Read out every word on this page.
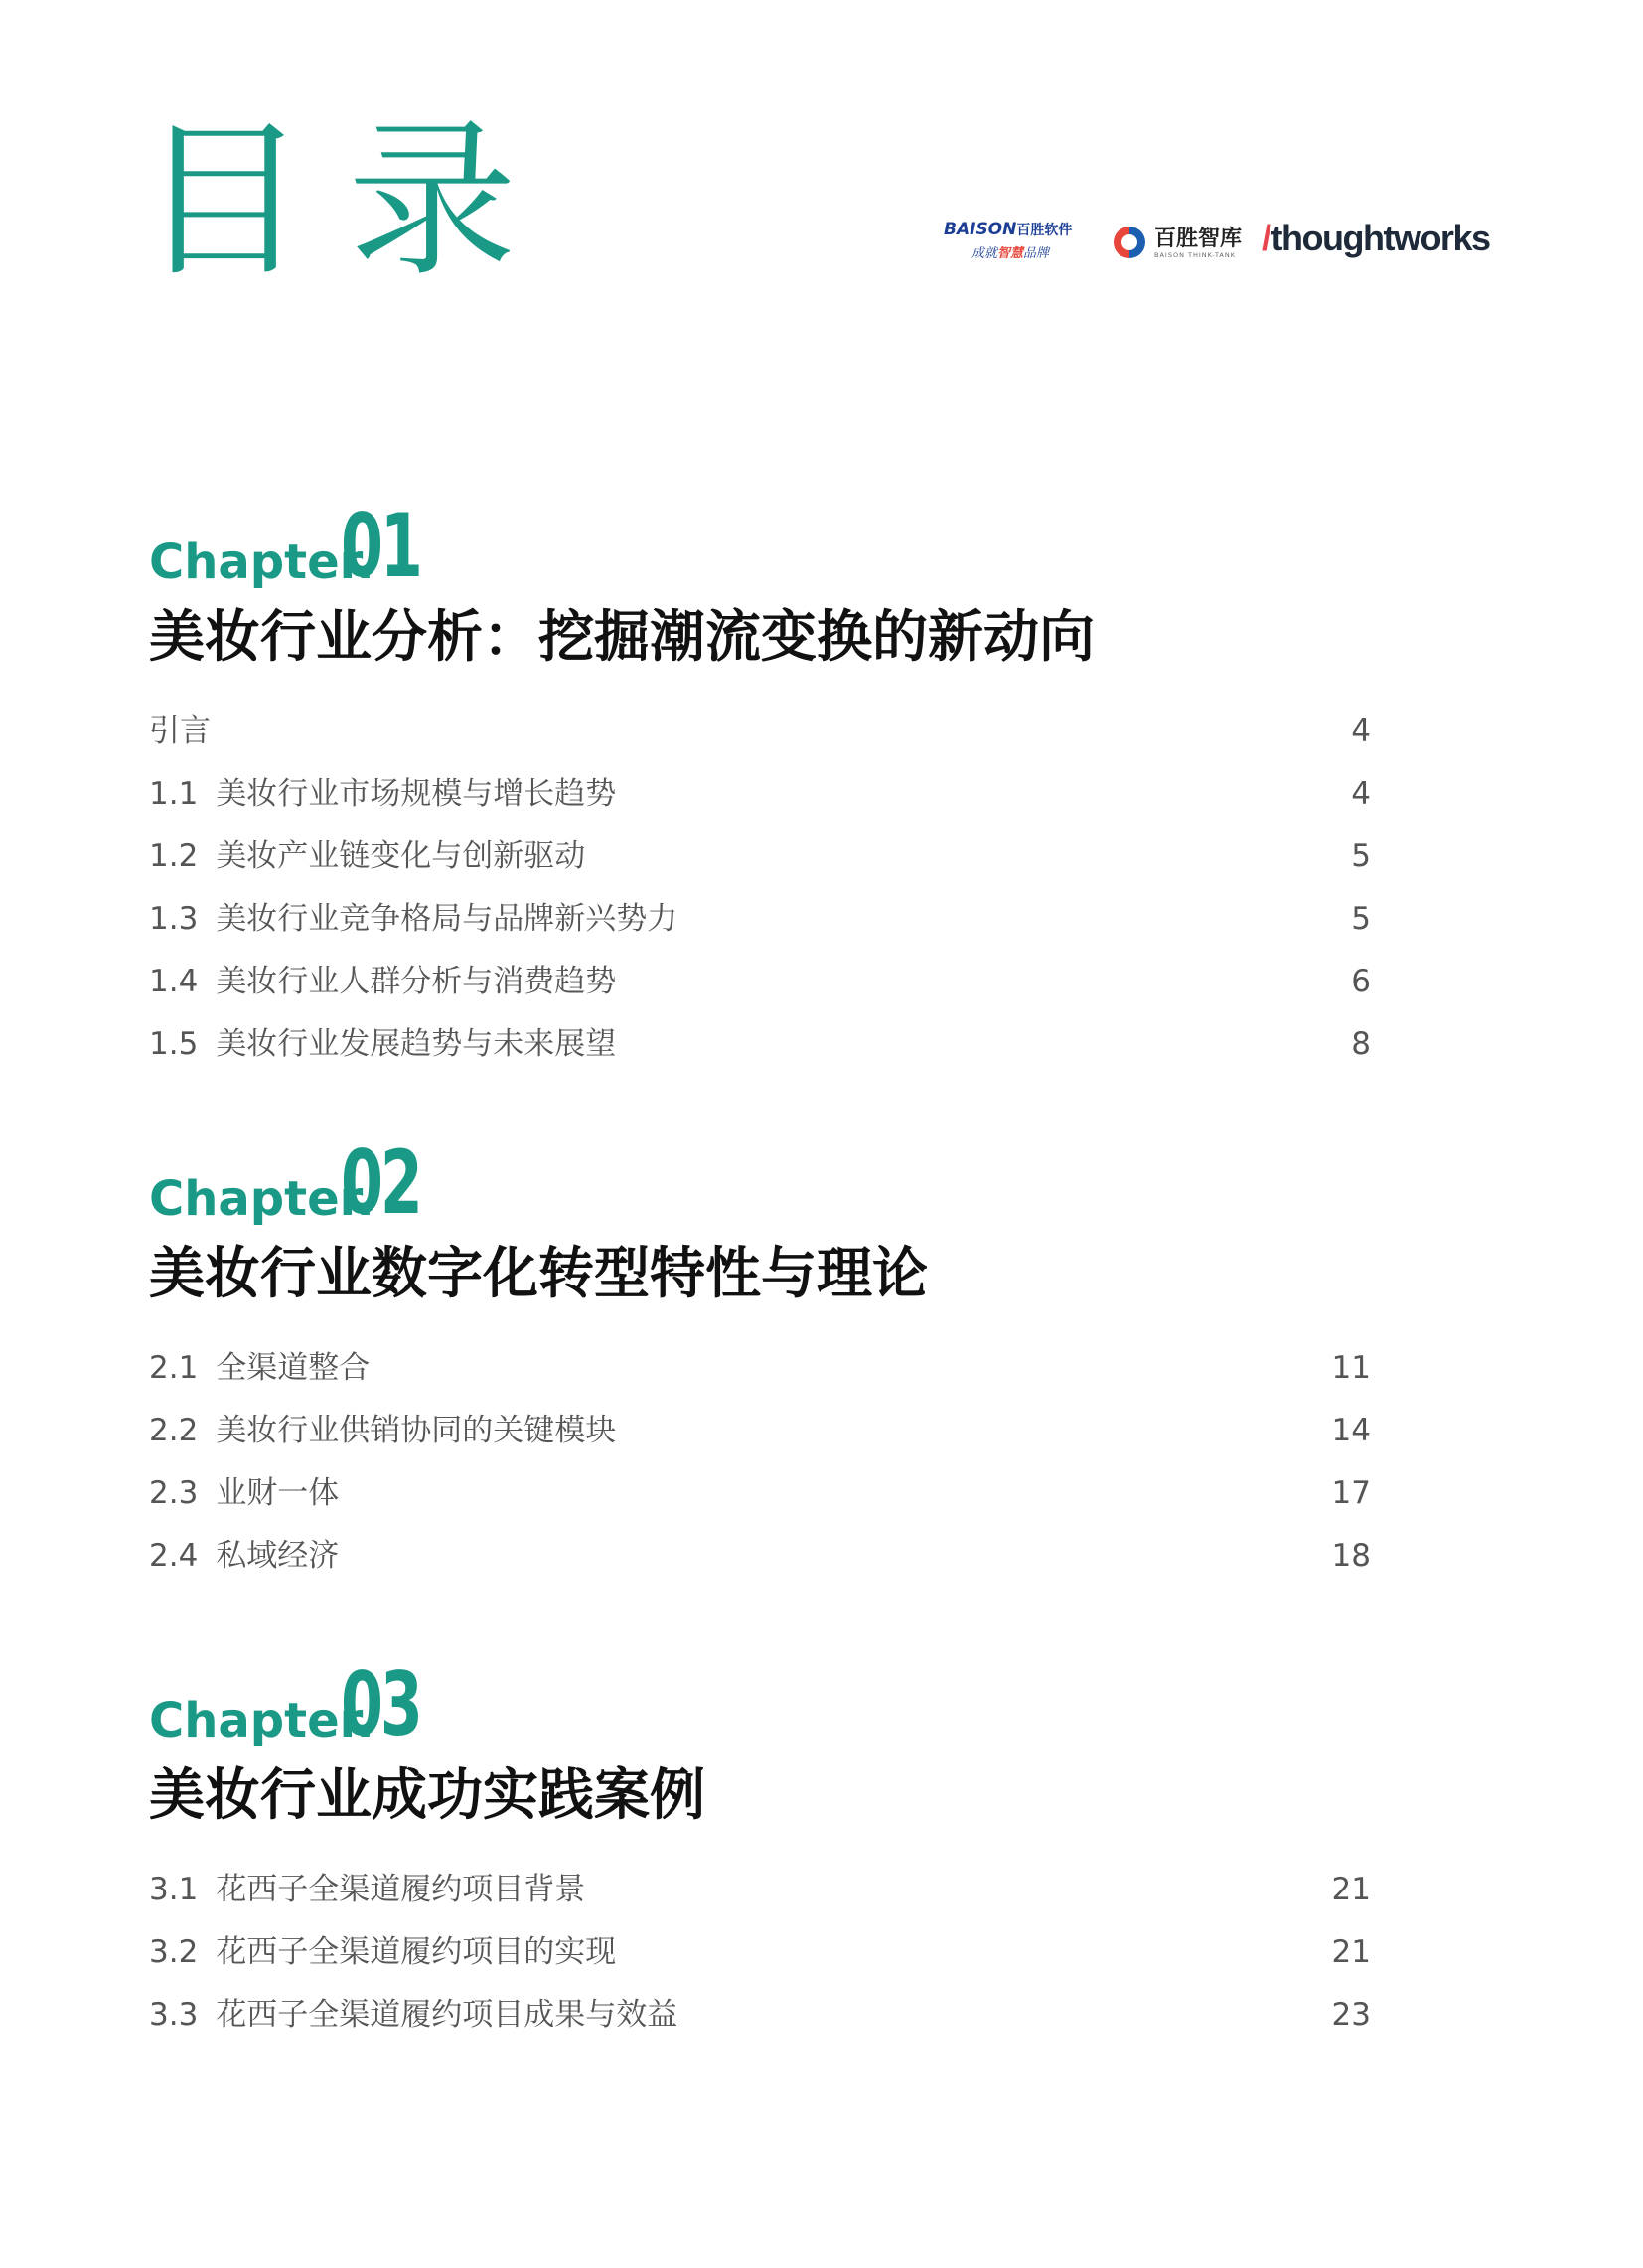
目录	BAISON百胜软件
成就智慧品牌
百胜智库
BAISON THINK-TANK /thoughtworks
Chapter.
01
美妆行业分析：挖掘潮流变换的新动向
引言	4
1.1 美妆行业市场规模与增长趋势	4
1.2 美妆产业链变化与创新驱动	5
1.3 美妆行业竞争格局与品牌新兴势力	5
1.4 美妆行业人群分析与消费趋势	6
1.5 美妆行业发展趋势与未来展望	8
Chapter.
02
美妆行业数字化转型特性与理论
2.1 全渠道整合	11
2.2 美妆行业供销协同的关键模块	14
2.3 业财一体	17
2.4 私域经济	18
Chapter.
03
美妆行业成功实践案例
3.1 花西子全渠道履约项目背景	21
3.2 花西子全渠道履约项目的实现	21
3.3 花西子全渠道履约项目成果与效益	23
